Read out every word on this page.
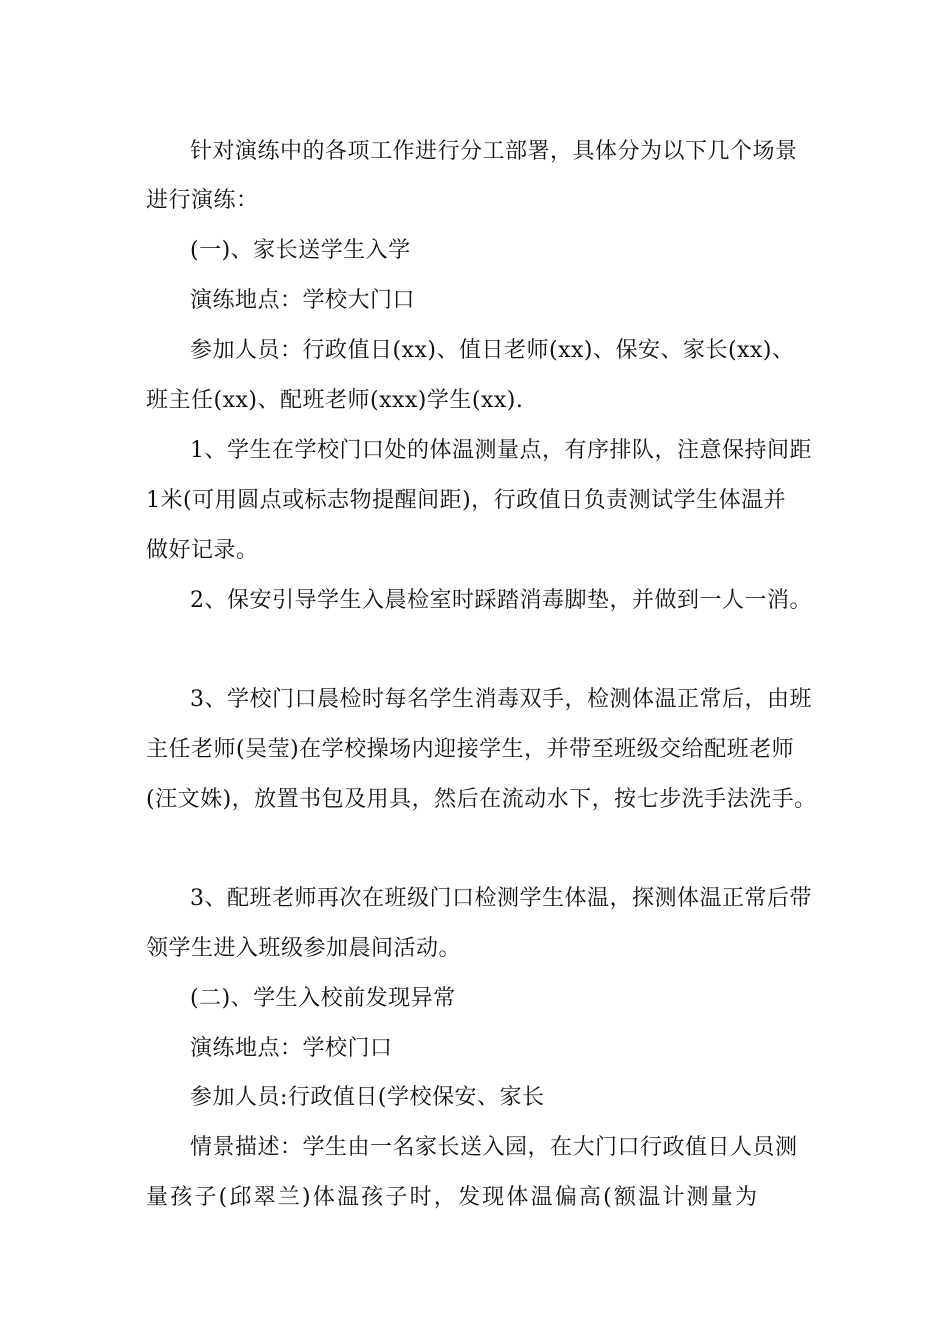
针对演练中的各项工作进行分工部署，具体分为以下几个场景
进行演练：
(一)、家长送学生入学
演练地点：学校大门口
参加人员：行政值日(xx)、值日老师(xx)、保安、家长(xx)、
班主任(xx)、配班老师(xxx)学生(xx).
1、学生在学校门口处的体温测量点，有序排队，注意保持间距
1米(可用圆点或标志物提醒间距)，行政值日负责测试学生体温并
做好记录。
2、保安引导学生入晨检室时踩踏消毒脚垫，并做到一人一消。
3、学校门口晨检时每名学生消毒双手，检测体温正常后，由班
主任老师(吴莹)在学校操场内迎接学生，并带至班级交给配班老师
(汪文姝)，放置书包及用具，然后在流动水下，按七步洗手法洗手。
3、配班老师再次在班级门口检测学生体温，探测体温正常后带
领学生进入班级参加晨间活动。
(二)、学生入校前发现异常
演练地点：学校门口
参加人员:行政值日(学校保安、家长
情景描述：学生由一名家长送入园，在大门口行政值日人员测
量孩子(邱翠兰)体温孩子时，发现体温偏高(额温计测量为
